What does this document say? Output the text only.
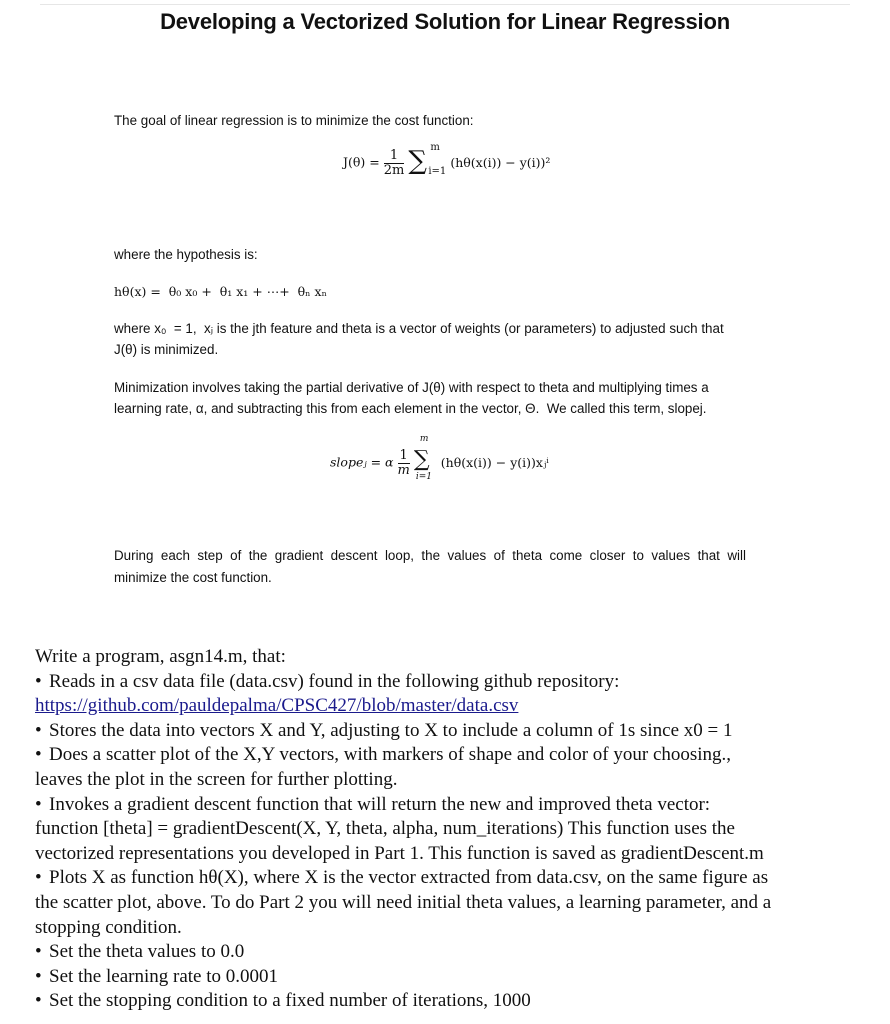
Developing a Vectorized Solution for Linear Regression
The goal of linear regression is to minimize the cost function:
$J(\theta) = \frac{1}{2m}$
∑ m
i=1
(hθ(x(i)) − y(i))²
where the hypothesis is:
hθ(x) =  θ₀ x₀ +  θ₁ x₁ + ⋯+  θₙ xₙ
where x₀  = 1,  xⱼ is the jth feature and theta is a vector of weights (or parameters) to adjusted such that
J(θ) is minimized.
Minimization involves taking the partial derivative of J(θ) with respect to theta and multiplying times a
learning rate, α, and subtracting this from each element in the vector, Θ.  We called this term, slopej.
slopeⱼ = α $\frac{1}{m}$

m
∑
i=1
(hθ(x(i)) − y(i))xⱼⁱ
During  each  step  of  the  gradient  descent  loop,  the  values  of  theta  come  closer  to  values  that  will
minimize the cost function.
Write a program, asgn14.m, that:
• Reads in a csv data file (data.csv) found in the following github repository:
https://github.com/pauldepalma/CPSC427/blob/master/data.csv
• Stores the data into vectors X and Y, adjusting to X to include a column of 1s since x0 = 1
• Does a scatter plot of the X,Y vectors, with markers of shape and color of your choosing.,
leaves the plot in the screen for further plotting.
• Invokes a gradient descent function that will return the new and improved theta vector:
function [theta] = gradientDescent(X, Y, theta, alpha, num_iterations) This function uses the
vectorized representations you developed in Part 1. This function is saved as gradientDescent.m
• Plots X as function hθ(X), where X is the vector extracted from data.csv, on the same figure as
the scatter plot, above. To do Part 2 you will need initial theta values, a learning parameter, and a
stopping condition.
• Set the theta values to 0.0
• Set the learning rate to 0.0001
• Set the stopping condition to a fixed number of iterations, 1000
